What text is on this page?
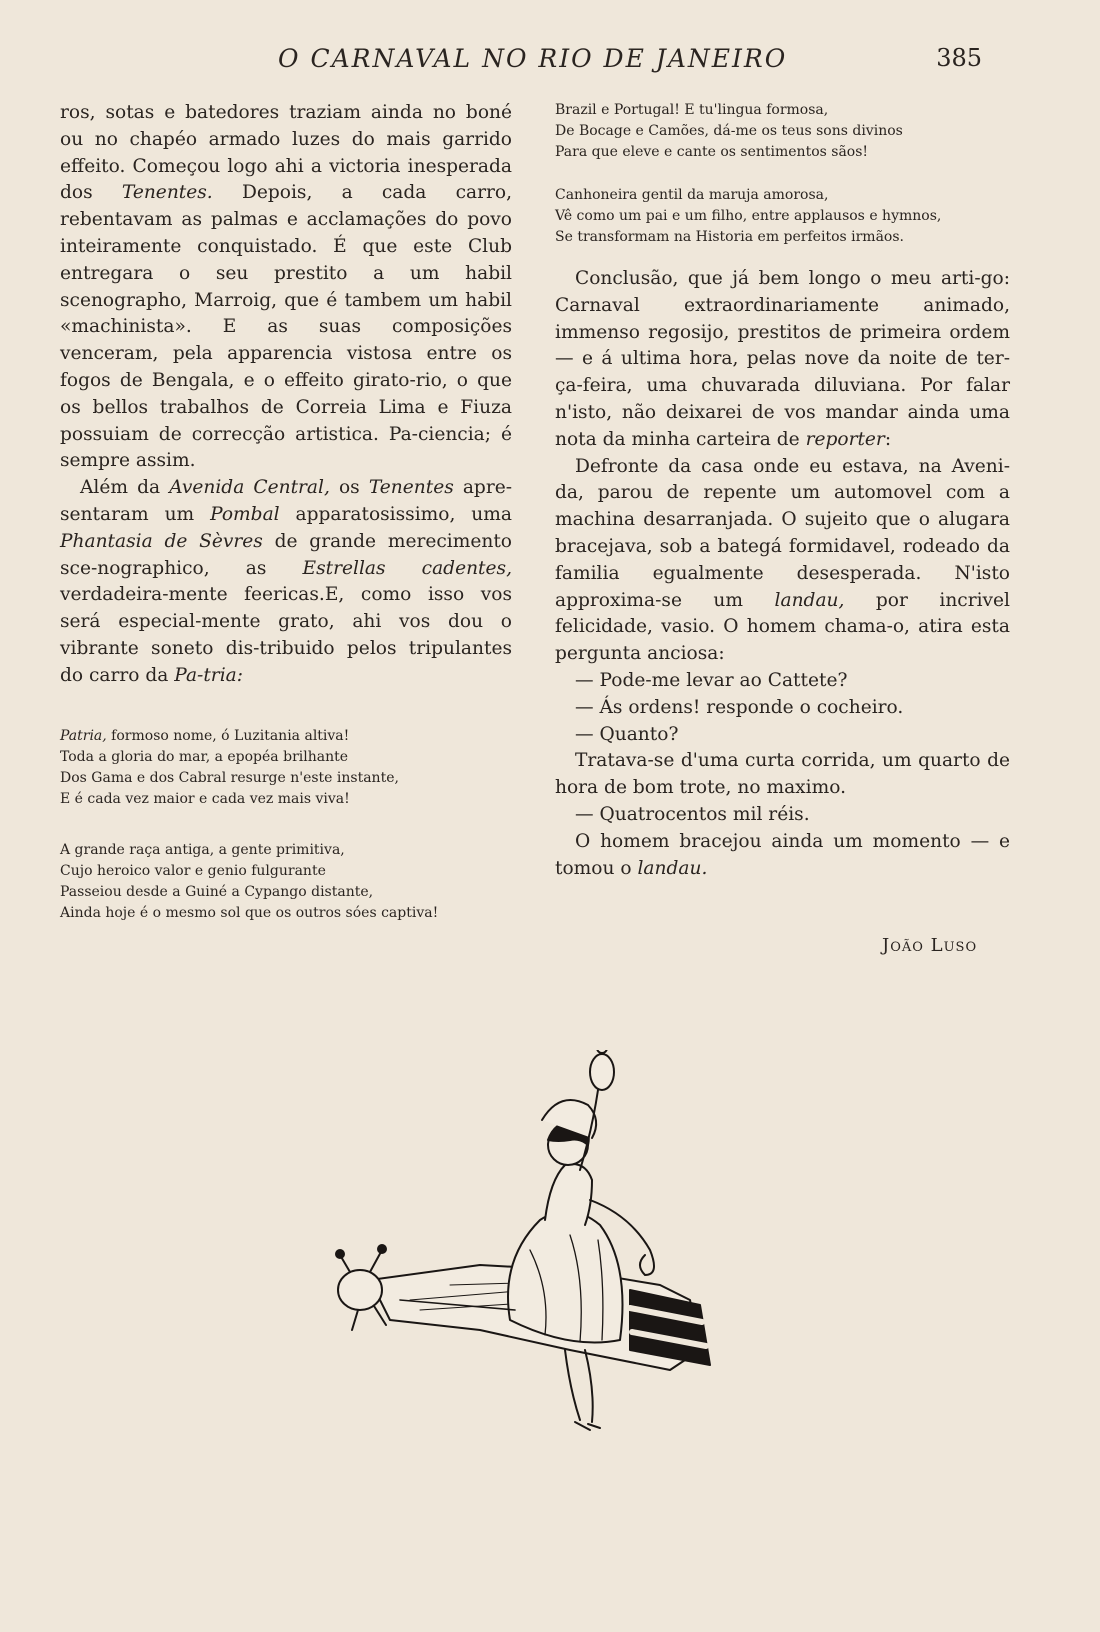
O CARNAVAL NO RIO DE JANEIRO	385

ros, sotas e batedores traziam ainda no boné ou no chapéo armado luzes do mais garrido effeito. Começou logo ahi a victoria inesperada dos Tenentes. Depois, a cada carro, rebentavam as palmas e acclamações do povo inteiramente conquistado. É que este Club entregara o seu prestito a um habil scenographo, Marroig, que é tambem um habil «machinista». E as suas composições venceram, pela apparencia vistosa entre os fogos de Bengala, e o effeito girato-rio, o que os bellos trabalhos de Correia Lima e Fiuza possuiam de correcção artistica. Pa-ciencia; é sempre assim.

Além da Avenida Central, os Tenentes apre-sentaram um Pombal apparatosissimo, uma Phantasia de Sèvres de grande merecimento sce-nographico, as Estrellas cadentes, verdadeira-mente feericas.E, como isso vos será especial-mente grato, ahi vos dou o vibrante soneto dis-tribuido pelos tripulantes do carro da Pa-tria:

Patria, formoso nome, ó Luzitania altiva!
Toda a gloria do mar, a epopéa brilhante
Dos Gama e dos Cabral resurge n'este instante,
E é cada vez maior e cada vez mais viva!
A grande raça antiga, a gente primitiva,
Cujo heroico valor e genio fulgurante
Passeiou desde a Guiné a Cypango distante,
Ainda hoje é o mesmo sol que os outros sóes captiva!
Brazil e Portugal! E tu'lingua formosa,
De Bocage e Camões, dá-me os teus sons divinos
Para que eleve e cante os sentimentos sãos!
Canhoneira gentil da maruja amorosa,
Vê como um pai e um filho, entre applausos e hymnos,
Se transformam na Historia em perfeitos irmãos.

Conclusão, que já bem longo o meu arti-go: Carnaval extraordinariamente animado, immenso regosijo, prestitos de primeira ordem — e á ultima hora, pelas nove da noite de ter-ça-feira, uma chuvarada diluviana. Por falar n'isto, não deixarei de vos mandar ainda uma nota da minha carteira de reporter:

Defronte da casa onde eu estava, na Aveni-da, parou de repente um automovel com a machina desarranjada. O sujeito que o alugara bracejava, sob a bategá formidavel, rodeado da familia egualmente desesperada. N'isto approxima-se um landau, por incrivel felicidade, vasio. O homem chama-o, atira esta pergunta anciosa:

— Pode-me levar ao Cattete?
— Ás ordens! responde o cocheiro.
— Quanto?

Tratava-se d'uma curta corrida, um quarto de hora de bom trote, no maximo.

— Quatrocentos mil réis.

O homem bracejou ainda um momento — e tomou o landau.

João Luso
